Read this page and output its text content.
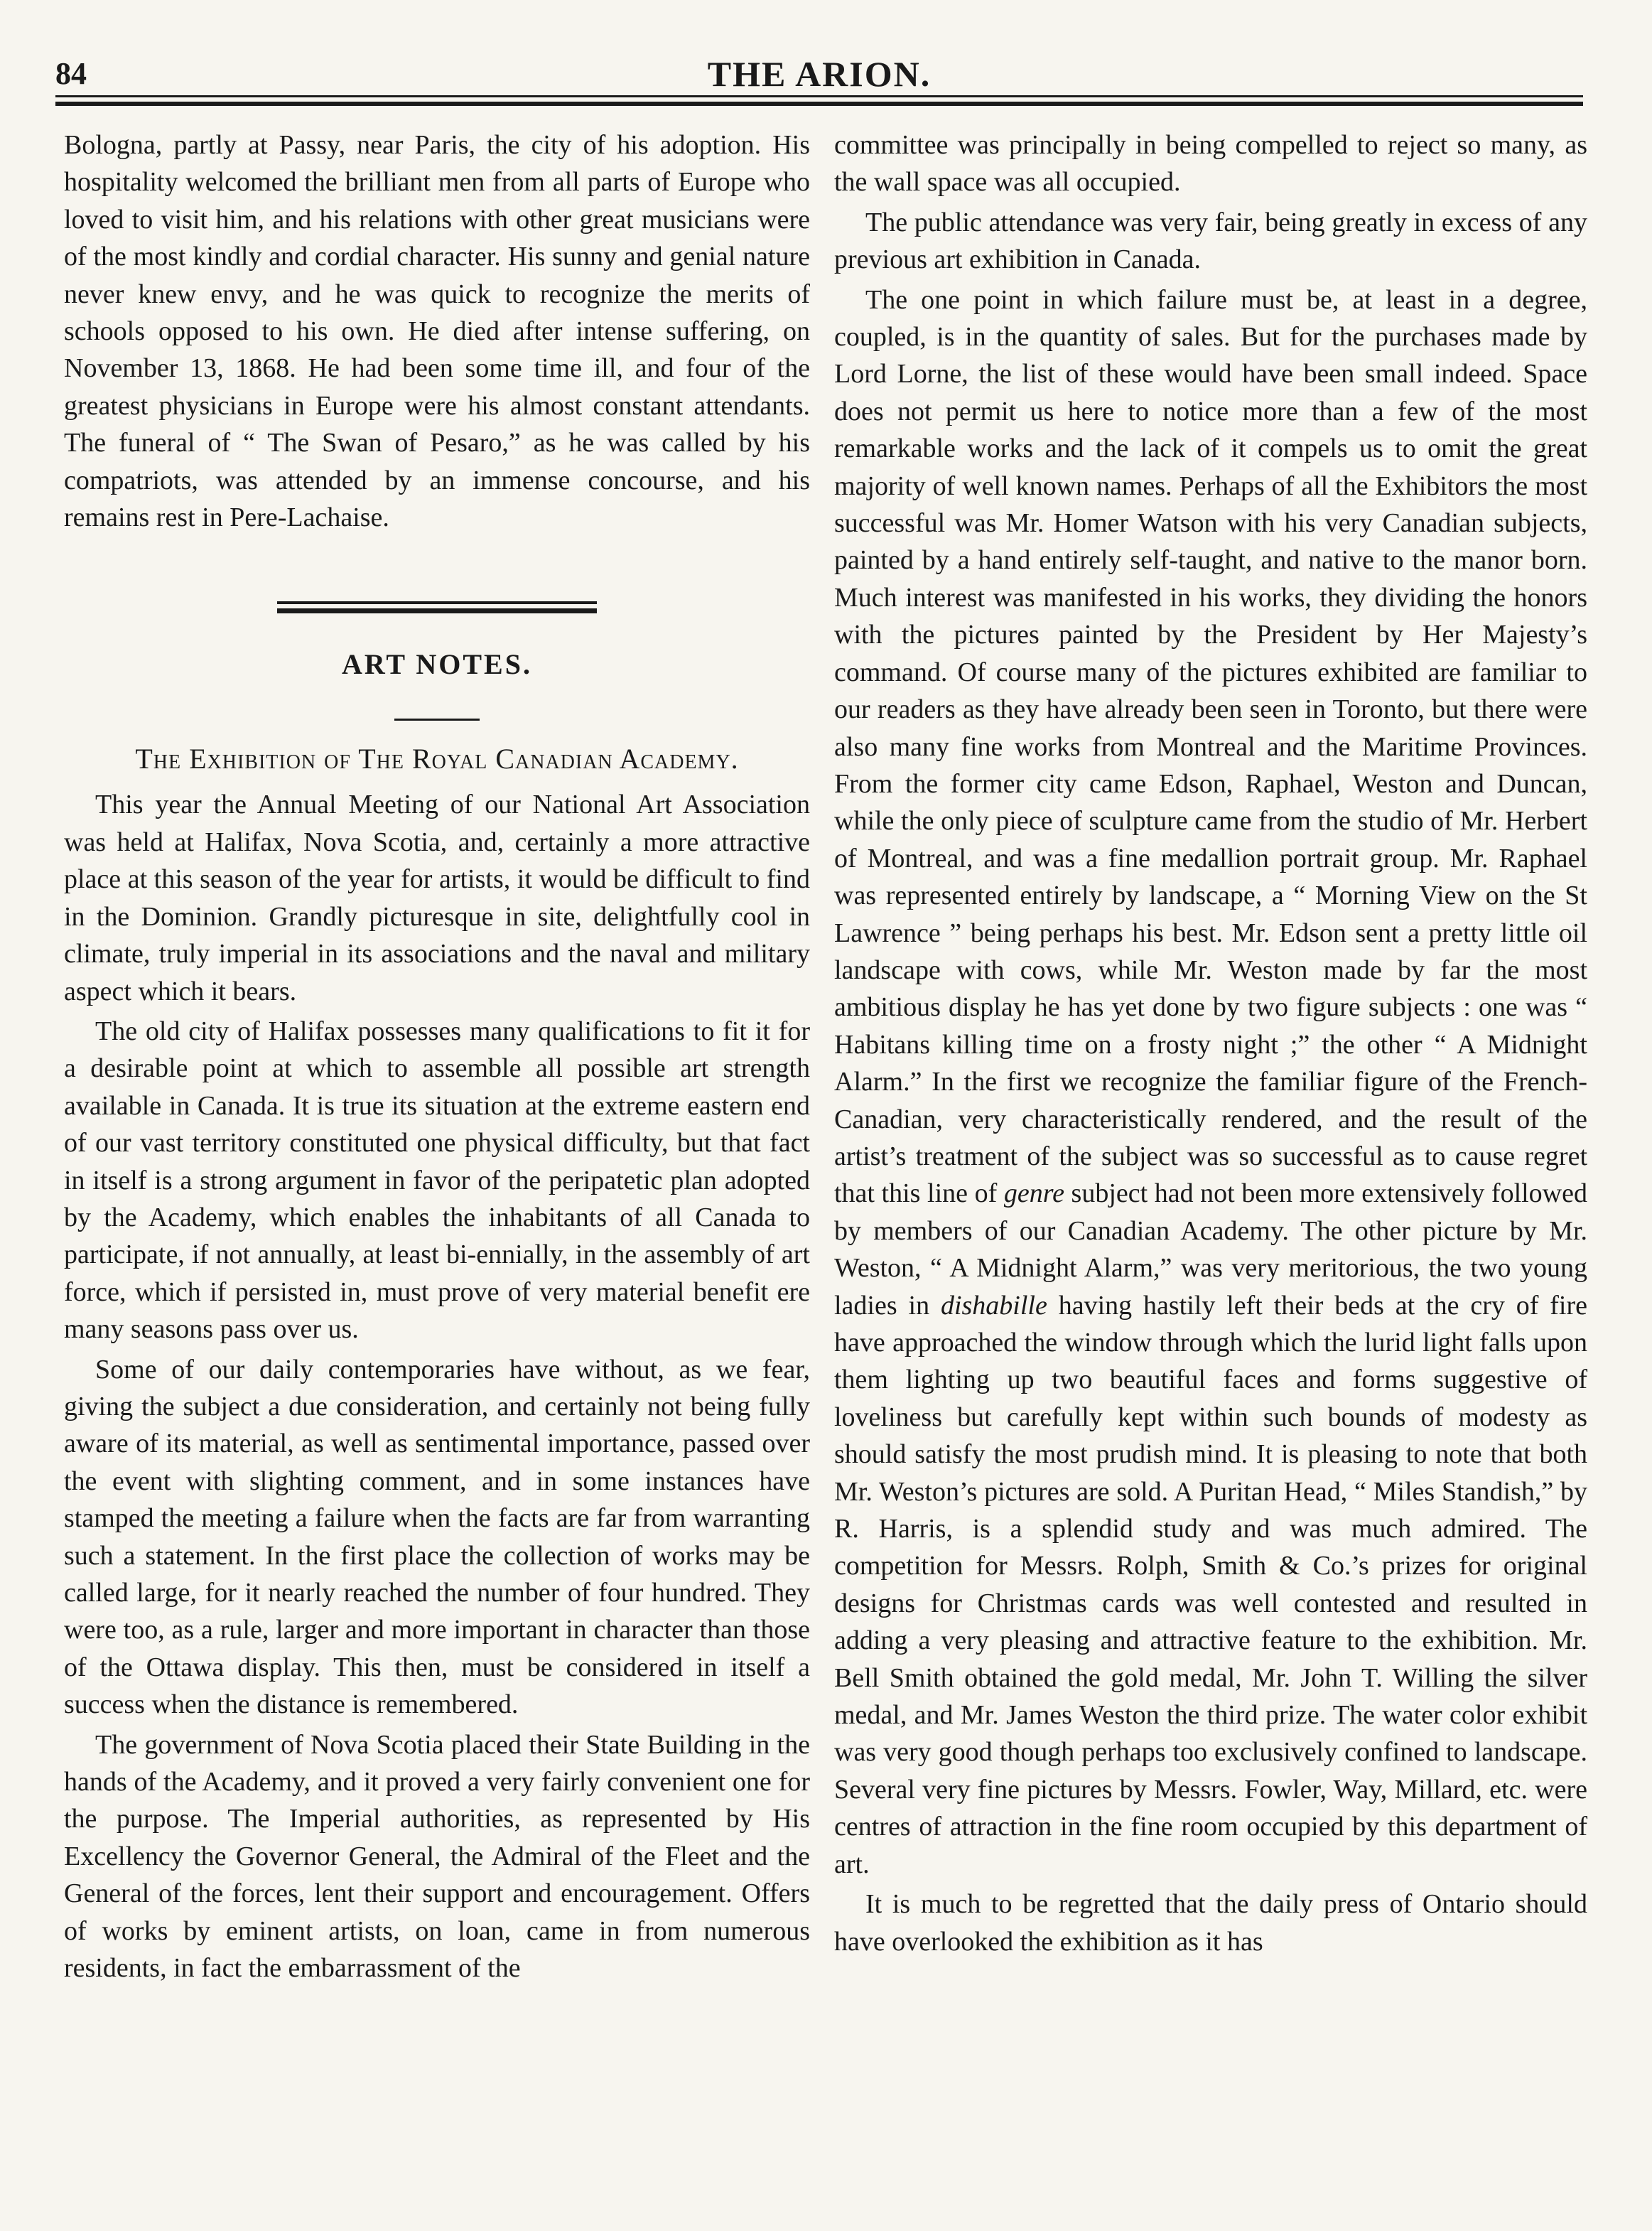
84	THE ARION.

Bologna, partly at Passy, near Paris, the city of his adoption. His hospitality welcomed the brilliant men from all parts of Europe who loved to visit him, and his relations with other great musicians were of the most kindly and cordial character. His sunny and genial nature never knew envy, and he was quick to recognize the merits of schools opposed to his own. He died after intense suffering, on November 13, 1868. He had been some time ill, and four of the greatest physicians in Europe were his almost constant attendants. The funeral of “ The Swan of Pesaro,” as he was called by his compatriots, was attended by an immense concourse, and his remains rest in Pere-Lachaise.

ART NOTES.
The Exhibition of The Royal Canadian Academy.

This year the Annual Meeting of our National Art Association was held at Halifax, Nova Scotia, and, certainly a more attractive place at this season of the year for artists, it would be difficult to find in the Dominion. Grandly picturesque in site, delightfully cool in climate, truly imperial in its associations and the naval and military aspect which it bears.

The old city of Halifax possesses many qualifications to fit it for a desirable point at which to assemble all possible art strength available in Canada. It is true its situation at the extreme eastern end of our vast territory constituted one physical difficulty, but that fact in itself is a strong argument in favor of the peripatetic plan adopted by the Academy, which enables the inhabitants of all Canada to participate, if not annually, at least bi-ennially, in the assembly of art force, which if persisted in, must prove of very material benefit ere many seasons pass over us.

Some of our daily contemporaries have without, as we fear, giving the subject a due consideration, and certainly not being fully aware of its material, as well as sentimental importance, passed over the event with slighting comment, and in some instances have stamped the meeting a failure when the facts are far from warranting such a statement. In the first place the collection of works may be called large, for it nearly reached the number of four hundred. They were too, as a rule, larger and more important in character than those of the Ottawa display. This then, must be considered in itself a success when the distance is remembered.

The government of Nova Scotia placed their State Building in the hands of the Academy, and it proved a very fairly convenient one for the purpose. The Imperial authorities, as represented by His Excellency the Governor General, the Admiral of the Fleet and the General of the forces, lent their support and encouragement. Offers of works by eminent artists, on loan, came in from numerous residents, in fact the embarrassment of the

committee was principally in being compelled to reject so many, as the wall space was all occupied.

The public attendance was very fair, being greatly in excess of any previous art exhibition in Canada.

The one point in which failure must be, at least in a degree, coupled, is in the quantity of sales. But for the purchases made by Lord Lorne, the list of these would have been small indeed. Space does not permit us here to notice more than a few of the most remarkable works and the lack of it compels us to omit the great majority of well known names. Perhaps of all the Exhibitors the most successful was Mr. Homer Watson with his very Canadian subjects, painted by a hand entirely self-taught, and native to the manor born. Much interest was manifested in his works, they dividing the honors with the pictures painted by the President by Her Majesty’s command. Of course many of the pictures exhibited are familiar to our readers as they have already been seen in Toronto, but there were also many fine works from Montreal and the Maritime Provinces. From the former city came Edson, Raphael, Weston and Duncan, while the only piece of sculpture came from the studio of Mr. Herbert of Montreal, and was a fine medallion portrait group. Mr. Raphael was represented entirely by landscape, a “ Morning View on the St Lawrence ” being perhaps his best. Mr. Edson sent a pretty little oil landscape with cows, while Mr. Weston made by far the most ambitious display he has yet done by two figure subjects : one was “ Habitans killing time on a frosty night ;” the other “ A Midnight Alarm.” In the first we recognize the familiar figure of the French-Canadian, very characteristically rendered, and the result of the artist’s treatment of the subject was so successful as to cause regret that this line of genre subject had not been more extensively followed by members of our Canadian Academy. The other picture by Mr. Weston, “ A Midnight Alarm,” was very meritorious, the two young ladies in dishabille having hastily left their beds at the cry of fire have approached the window through which the lurid light falls upon them lighting up two beautiful faces and forms suggestive of loveliness but carefully kept within such bounds of modesty as should satisfy the most prudish mind. It is pleasing to note that both Mr. Weston’s pictures are sold. A Puritan Head, “ Miles Standish,” by R. Harris, is a splendid study and was much admired. The competition for Messrs. Rolph, Smith & Co.’s prizes for original designs for Christmas cards was well contested and resulted in adding a very pleasing and attractive feature to the exhibition. Mr. Bell Smith obtained the gold medal, Mr. John T. Willing the silver medal, and Mr. James Weston the third prize. The water color exhibit was very good though perhaps too exclusively confined to landscape. Several very fine pictures by Messrs. Fowler, Way, Millard, etc. were centres of attraction in the fine room occupied by this department of art.

It is much to be regretted that the daily press of Ontario should have overlooked the exhibition as it has
